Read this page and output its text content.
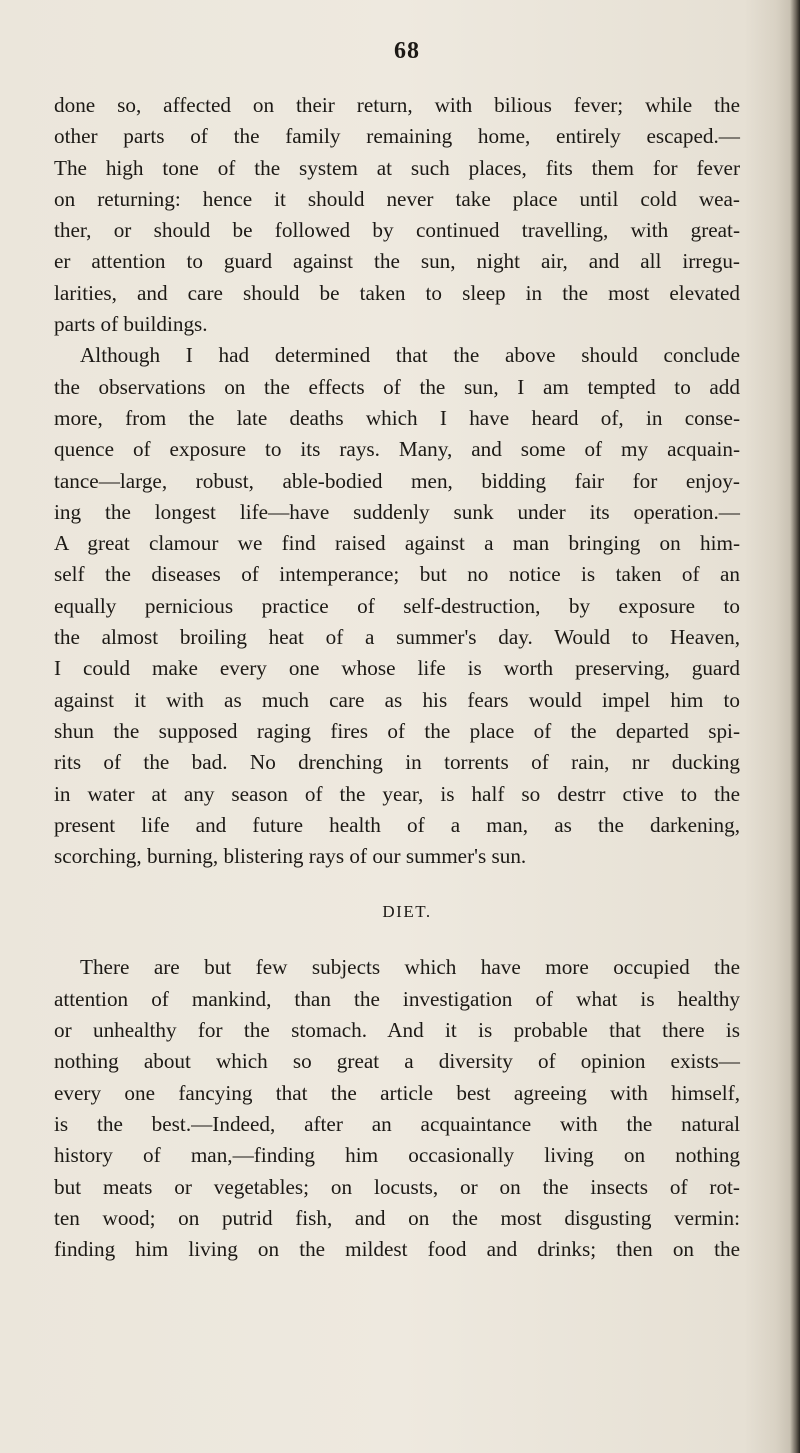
68
done so, affected on their return, with bilious fever; while the
other parts of the family remaining home, entirely escaped.—
The high tone of the system at such places, fits them for fever
on returning: hence it should never take place until cold wea-
ther, or should be followed by continued travelling, with great-
er attention to guard against the sun, night air, and all irregu-
larities, and care should be taken to sleep in the most elevated
parts of buildings.
Although I had determined that the above should conclude
the observations on the effects of the sun, I am tempted to add
more, from the late deaths which I have heard of, in conse-
quence of exposure to its rays. Many, and some of my acquain-
tance—large, robust, able-bodied men, bidding fair for enjoy-
ing the longest life—have suddenly sunk under its operation.—
A great clamour we find raised against a man bringing on him-
self the diseases of intemperance; but no notice is taken of an
equally pernicious practice of self-destruction, by exposure to
the almost broiling heat of a summer's day. Would to Heaven,
I could make every one whose life is worth preserving, guard
against it with as much care as his fears would impel him to
shun the supposed raging fires of the place of the departed spi-
rits of the bad. No drenching in torrents of rain, nr ducking
in water at any season of the year, is half so destrr ctive to the
present life and future health of a man, as the darkening,
scorching, burning, blistering rays of our summer's sun.
DIET.
There are but few subjects which have more occupied the
attention of mankind, than the investigation of what is healthy
or unhealthy for the stomach. And it is probable that there is
nothing about which so great a diversity of opinion exists—
every one fancying that the article best agreeing with himself,
is the best.—Indeed, after an acquaintance with the natural
history of man,—finding him occasionally living on nothing
but meats or vegetables; on locusts, or on the insects of rot-
ten wood; on putrid fish, and on the most disgusting vermin:
finding him living on the mildest food and drinks; then on the
